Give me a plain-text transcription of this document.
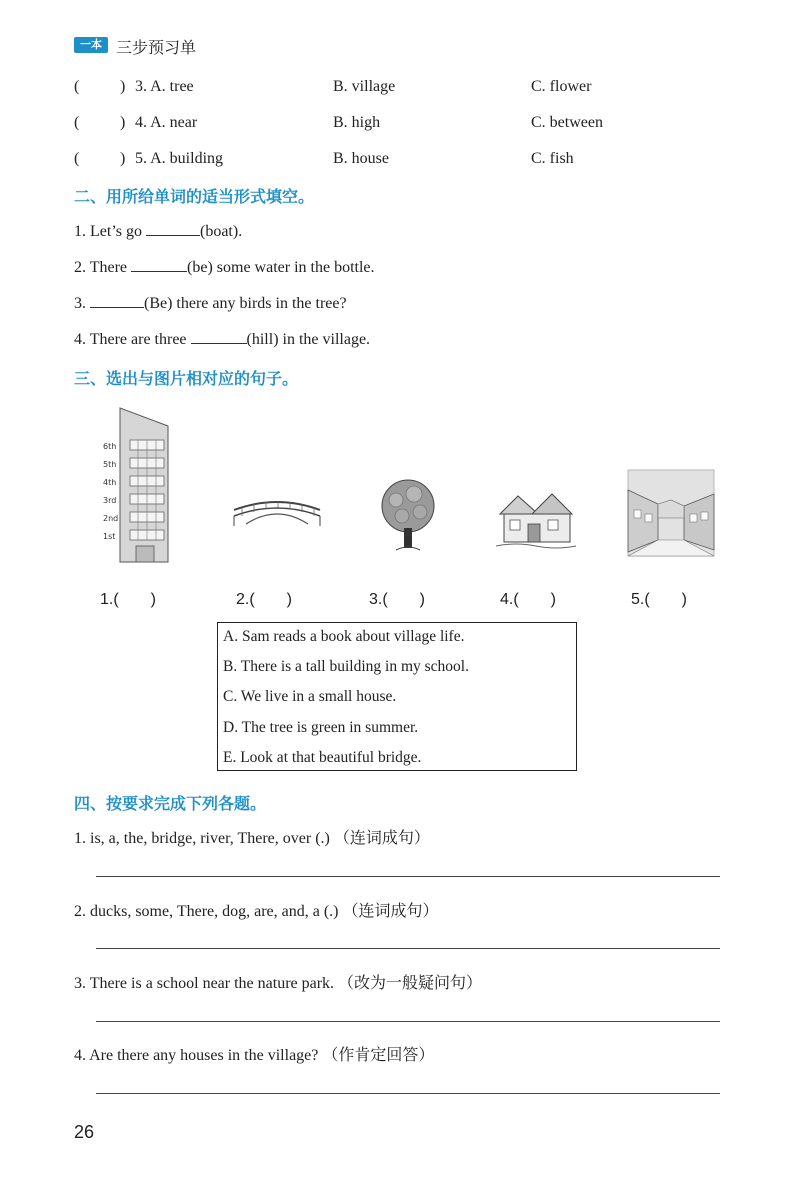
一本 三步预习单
(	) 3. A. tree	B. village	C. flower
(	) 4. A. near	B. high	C. between
(	) 5. A. building	B. house	C. fish
二、用所给单词的适当形式填空。
1. Let’s go	(boat).
2. There	(be) some water in the bottle.
3.	(Be) there any birds in the tree?
4. There are three	(hill) in the village.
三、选出与图片相对应的句子。
6th
5th
4th
3rd
2nd
1st
1.(　　)	2.(　　)	3.(　　)	4.(　　)	5.(　　)
A. Sam reads a book about village life.
B. There is a tall building in my school.
C. We live in a small house.
D. The tree is green in summer.
E. Look at that beautiful bridge.
四、按要求完成下列各题。
1. is, a, the, bridge, river, There, over (.) （连词成句）
2. ducks, some, There, dog, are, and, a (.) （连词成句）
3. There is a school near the nature park. （改为一般疑问句）
4. Are there any houses in the village? （作肯定回答）
26
